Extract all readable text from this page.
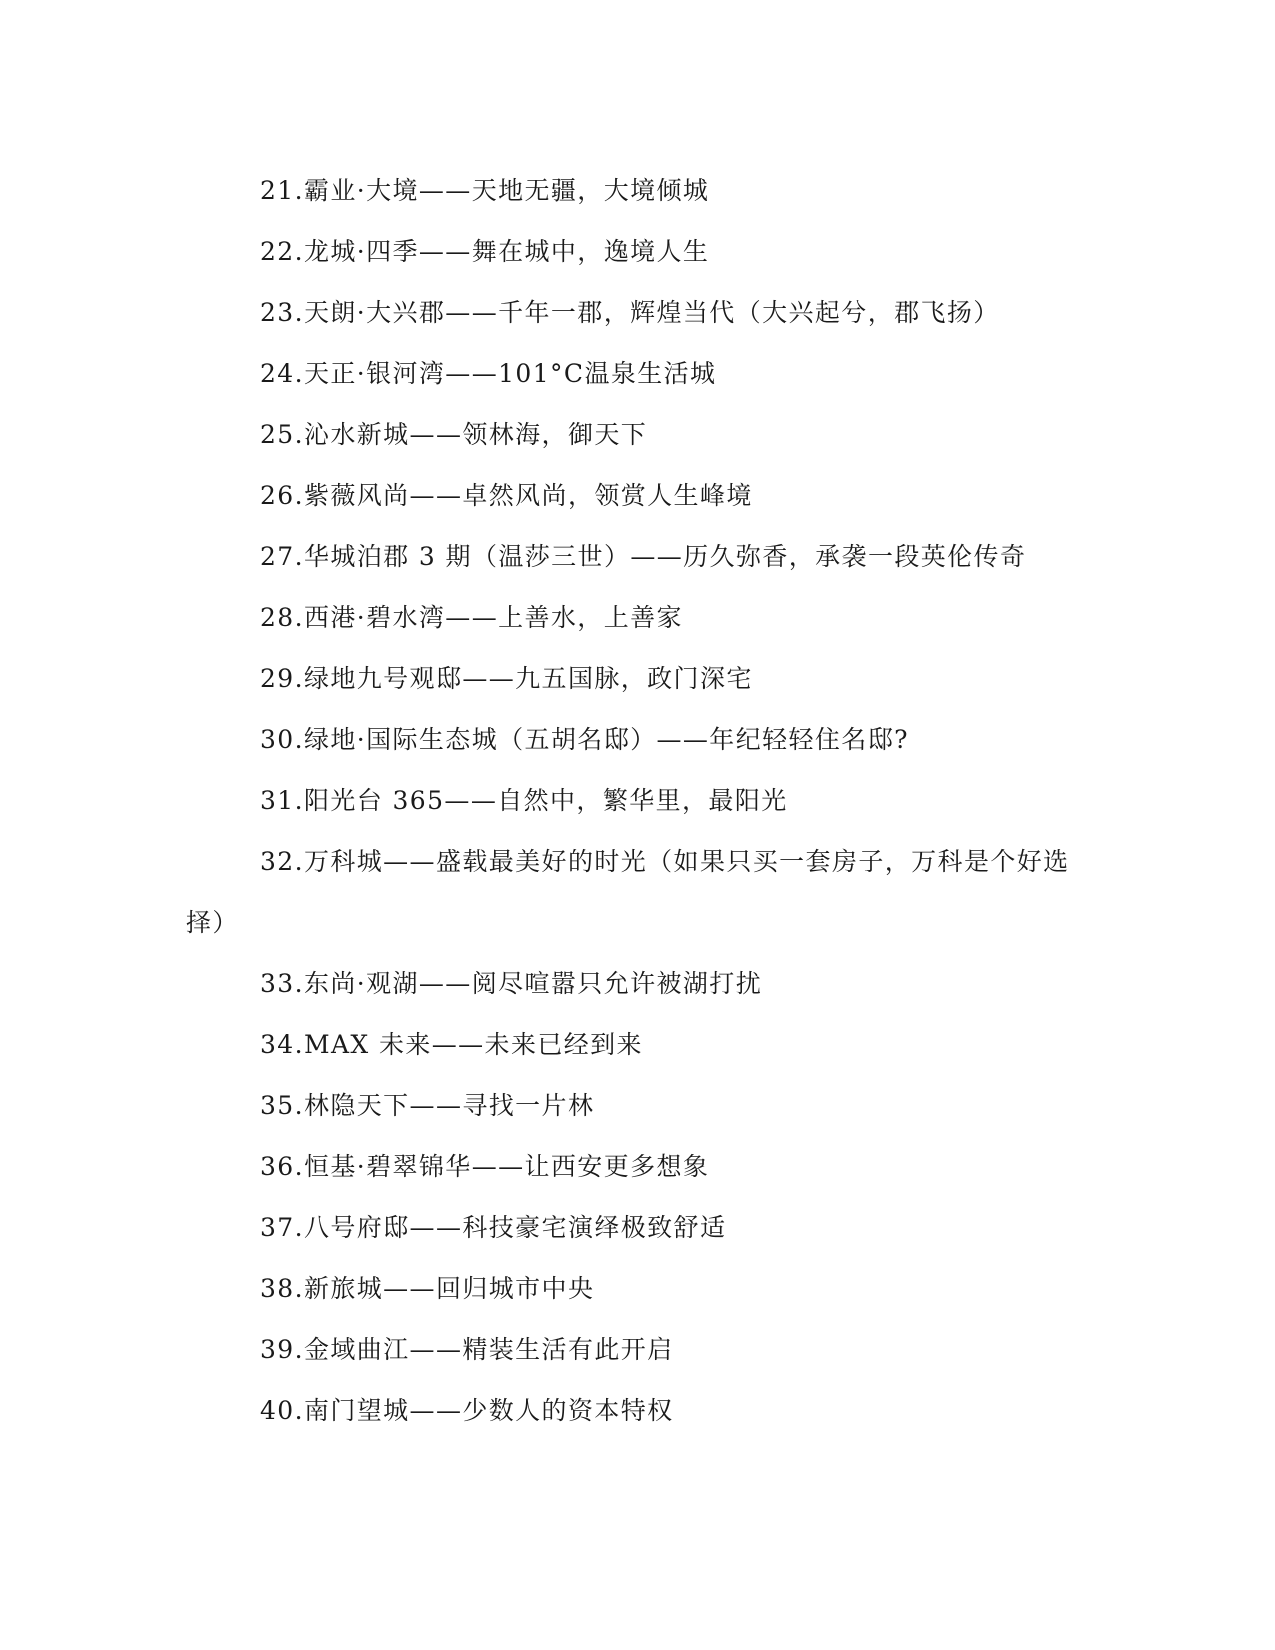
21.霸业·大境——天地无疆，大境倾城

22.龙城·四季——舞在城中，逸境人生

23.天朗·大兴郡——千年一郡，辉煌当代（大兴起兮，郡飞扬）

24.天正·银河湾——101°C温泉生活城

25.沁水新城——领林海，御天下

26.紫薇风尚——卓然风尚，领赏人生峰境

27.华城泊郡 3 期（温莎三世）——历久弥香，承袭一段英伦传奇

28.西港·碧水湾——上善水，上善家

29.绿地九号观邸——九五国脉，政门深宅

30.绿地·国际生态城（五胡名邸）——年纪轻轻住名邸?

31.阳光台 365——自然中，繁华里，最阳光

32.万科城——盛载最美好的时光（如果只买一套房子，万科是个好选择）

33.东尚·观湖——阅尽喧嚣只允许被湖打扰

34.MAX 未来——未来已经到来

35.林隐天下——寻找一片林

36.恒基·碧翠锦华——让西安更多想象

37.八号府邸——科技豪宅演绎极致舒适

38.新旅城——回归城市中央

39.金域曲江——精装生活有此开启

40.南门望城——少数人的资本特权
